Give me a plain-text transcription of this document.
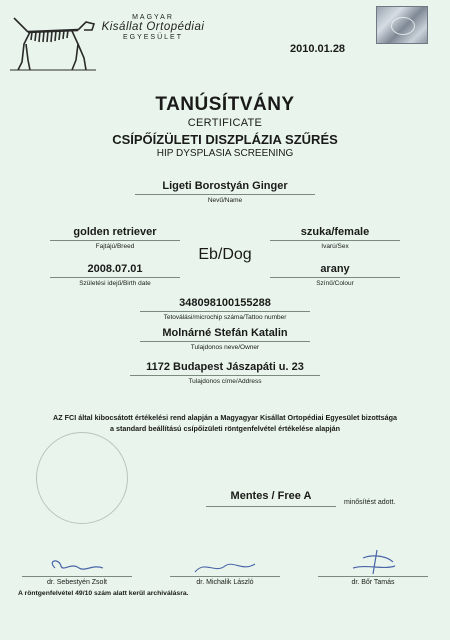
MAGYAR
Kisállat Ortopédiai
EGYESÜLET
2010.01.28
TANÚSÍTVÁNY
CERTIFICATE
CSÍPŐÍZÜLETI DISZPLÁZIA SZŰRÉS
HIP DYSPLASIA SCREENING
Ligeti Borostyán Ginger
Nevű/Name
golden retriever
Fajtájú/Breed
szuka/female
Ivarú/Sex
Eb/Dog
2008.07.01
Születési idejű/Birth date
arany
Színű/Colour
348098100155288
Tetoválási/microchip száma/Tattoo number
Molnárné Stefán Katalin
Tulajdonos neve/Owner
1172 Budapest Jászapáti u. 23
Tulajdonos címe/Address
AZ FCI által kibocsátott értékelési rend alapján a Magyagyar Kisállat Ortopédiai Egyesület bizottsága
a standard beállítású csípőízületi röntgenfelvétel értékelése alapján
Mentes / Free A
minősítést adott.
dr. Sebestyén Zsolt	dr. Michalik László	dr. Bőr Tamás
A röntgenfelvétel 49/10 szám alatt kerül archiválásra.
